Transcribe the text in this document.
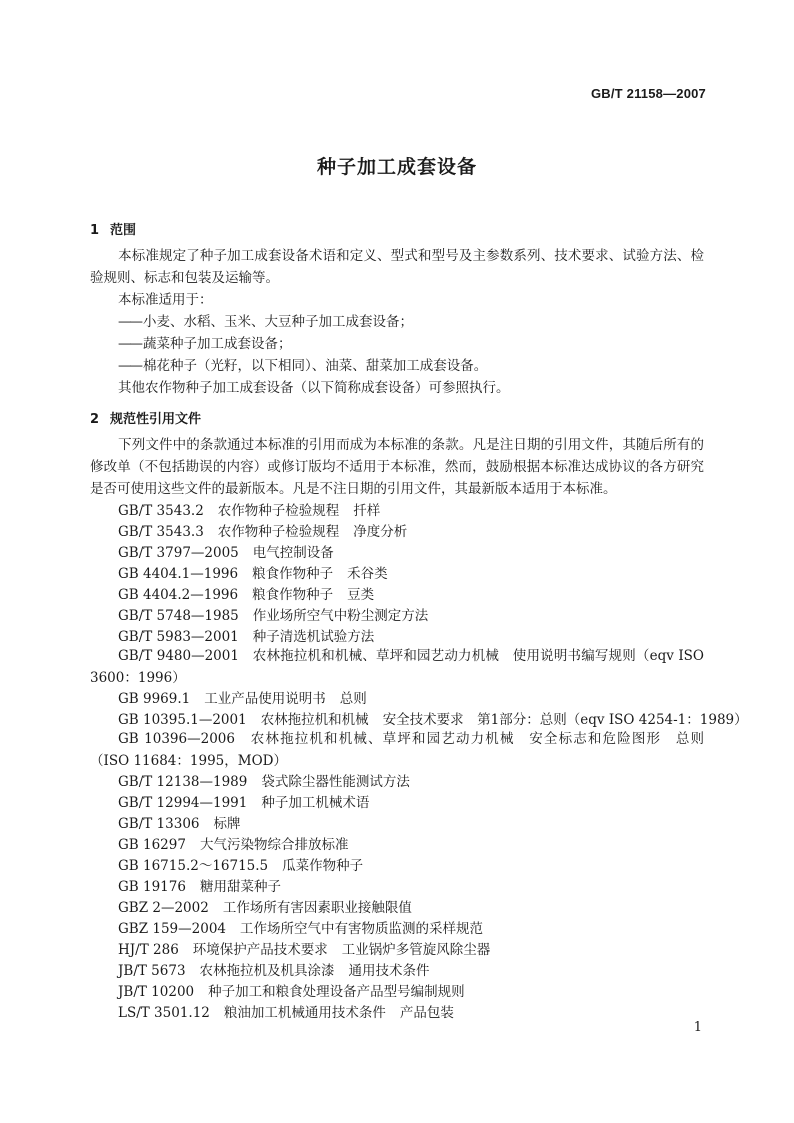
GB/T 21158—2007
种子加工成套设备
1 范围

本标准规定了种子加工成套设备术语和定义、型式和型号及主参数系列、技术要求、试验方法、检验规则、标志和包装及运输等。

本标准适用于：
—— 小麦、水稻、玉米、大豆种子加工成套设备；
—— 蔬菜种子加工成套设备；
—— 棉花种子（光籽，以下相同）、油菜、甜菜加工成套设备。
其他农作物种子加工成套设备（以下简称成套设备）可参照执行。
2 规范性引用文件

下列文件中的条款通过本标准的引用而成为本标准的条款。凡是注日期的引用文件，其随后所有的修改单（不包括勘误的内容）或修订版均不适用于本标准，然而，鼓励根据本标准达成协议的各方研究是否可使用这些文件的最新版本。凡是不注日期的引用文件，其最新版本适用于本标准。

GB/T 3543.2 农作物种子检验规程 扦样
GB/T 3543.3 农作物种子检验规程 净度分析
GB/T 3797—2005 电气控制设备
GB 4404.1—1996 粮食作物种子 禾谷类
GB 4404.2—1996 粮食作物种子 豆类
GB/T 5748—1985 作业场所空气中粉尘测定方法
GB/T 5983—2001 种子清选机试验方法

GB/T 9480—2001　农林拖拉机和机械、草坪和园艺动力机械　使用说明书编写规则（eqv ISO 3600：1996）

GB 9969.1 工业产品使用说明书 总则
GB 10395.1—2001 农林拖拉机和机械 安全技术要求　第1部分：总则（eqv ISO 4254-1：1989）

GB 10396—2006　农林拖拉机和机械、草坪和园艺动力机械　安全标志和危险图形　总则（ISO 11684：1995，MOD）

GB/T 12138—1989 袋式除尘器性能测试方法
GB/T 12994—1991 种子加工机械术语
GB/T 13306 标牌
GB 16297 大气污染物综合排放标准
GB 16715.2～16715.5 瓜菜作物种子
GB 19176 糖用甜菜种子
GBZ 2—2002 工作场所有害因素职业接触限值
GBZ 159—2004 工作场所空气中有害物质监测的采样规范
HJ/T 286 环境保护产品技术要求 工业锅炉多管旋风除尘器
JB/T 5673 农林拖拉机及机具涂漆 通用技术条件
JB/T 10200 种子加工和粮食处理设备产品型号编制规则
LS/T 3501.12 粮油加工机械通用技术条件 产品包装
1
